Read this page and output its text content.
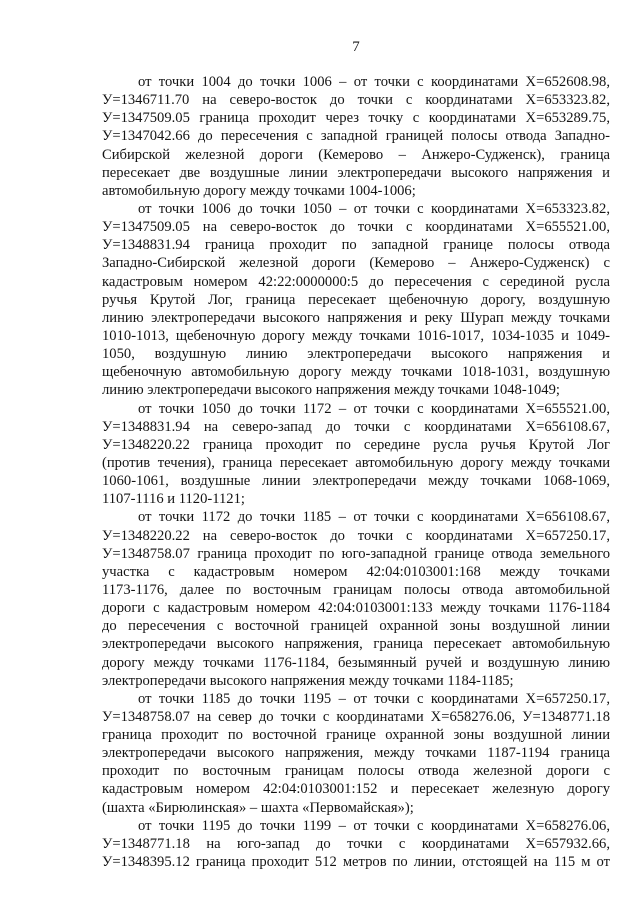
7
от точки 1004 до точки 1006 – от точки с координатами X=652608.98,
У=1346711.70 на северо-восток до точки с координатами X=653323.82,
У=1347509.05 граница проходит через точку с координатами X=653289.75,
У=1347042.66 до пересечения с западной границей полосы отвода Западно-
Сибирской железной дороги (Кемерово – Анжеро-Судженск), граница
пересекает две воздушные линии электропередачи высокого напряжения и
автомобильную дорогу между точками 1004-1006;
от точки 1006 до точки 1050 – от точки с координатами X=653323.82,
У=1347509.05 на северо-восток до точки с координатами X=655521.00,
У=1348831.94 граница проходит по западной границе полосы отвода
Западно-Сибирской железной дороги (Кемерово – Анжеро-Судженск) с
кадастровым номером 42:22:0000000:5 до пересечения с серединой русла
ручья Крутой Лог, граница пересекает щебеночную дорогу, воздушную
линию электропередачи высокого напряжения и реку Шурап между точками
1010-1013, щебеночную дорогу между точками 1016-1017, 1034-1035 и 1049-
1050, воздушную линию электропередачи высокого напряжения и
щебеночную автомобильную дорогу между точками 1018-1031, воздушную
линию электропередачи высокого напряжения между точками 1048-1049;
от точки 1050 до точки 1172 – от точки с координатами X=655521.00,
У=1348831.94 на северо-запад до точки с координатами X=656108.67,
У=1348220.22 граница проходит по середине русла ручья Крутой Лог
(против течения), граница пересекает автомобильную дорогу между точками
1060-1061, воздушные линии электропередачи между точками 1068-1069,
1107-1116 и 1120-1121;
от точки 1172 до точки 1185 – от точки с координатами X=656108.67,
У=1348220.22 на северо-восток до точки с координатами X=657250.17,
У=1348758.07 граница проходит по юго-западной границе отвода земельного
участка с кадастровым номером 42:04:0103001:168 между точками
1173-1176, далее по восточным границам полосы отвода автомобильной
дороги с кадастровым номером 42:04:0103001:133 между точками 1176-1184
до пересечения с восточной границей охранной зоны воздушной линии
электропередачи высокого напряжения, граница пересекает автомобильную
дорогу между точками 1176-1184, безымянный ручей и воздушную линию
электропередачи высокого напряжения между точками 1184-1185;
от точки 1185 до точки 1195 – от точки с координатами X=657250.17,
У=1348758.07 на север до точки с координатами X=658276.06, У=1348771.18
граница проходит по восточной границе охранной зоны воздушной линии
электропередачи высокого напряжения, между точками 1187-1194 граница
проходит по восточным границам полосы отвода железной дороги с
кадастровым номером 42:04:0103001:152 и пересекает железную дорогу
(шахта «Бирюлинская» – шахта «Первомайская»);
от точки 1195 до точки 1199 – от точки с координатами X=658276.06,
У=1348771.18 на юго-запад до точки с координатами X=657932.66,
У=1348395.12 граница проходит 512 метров по линии, отстоящей на 115 м от
